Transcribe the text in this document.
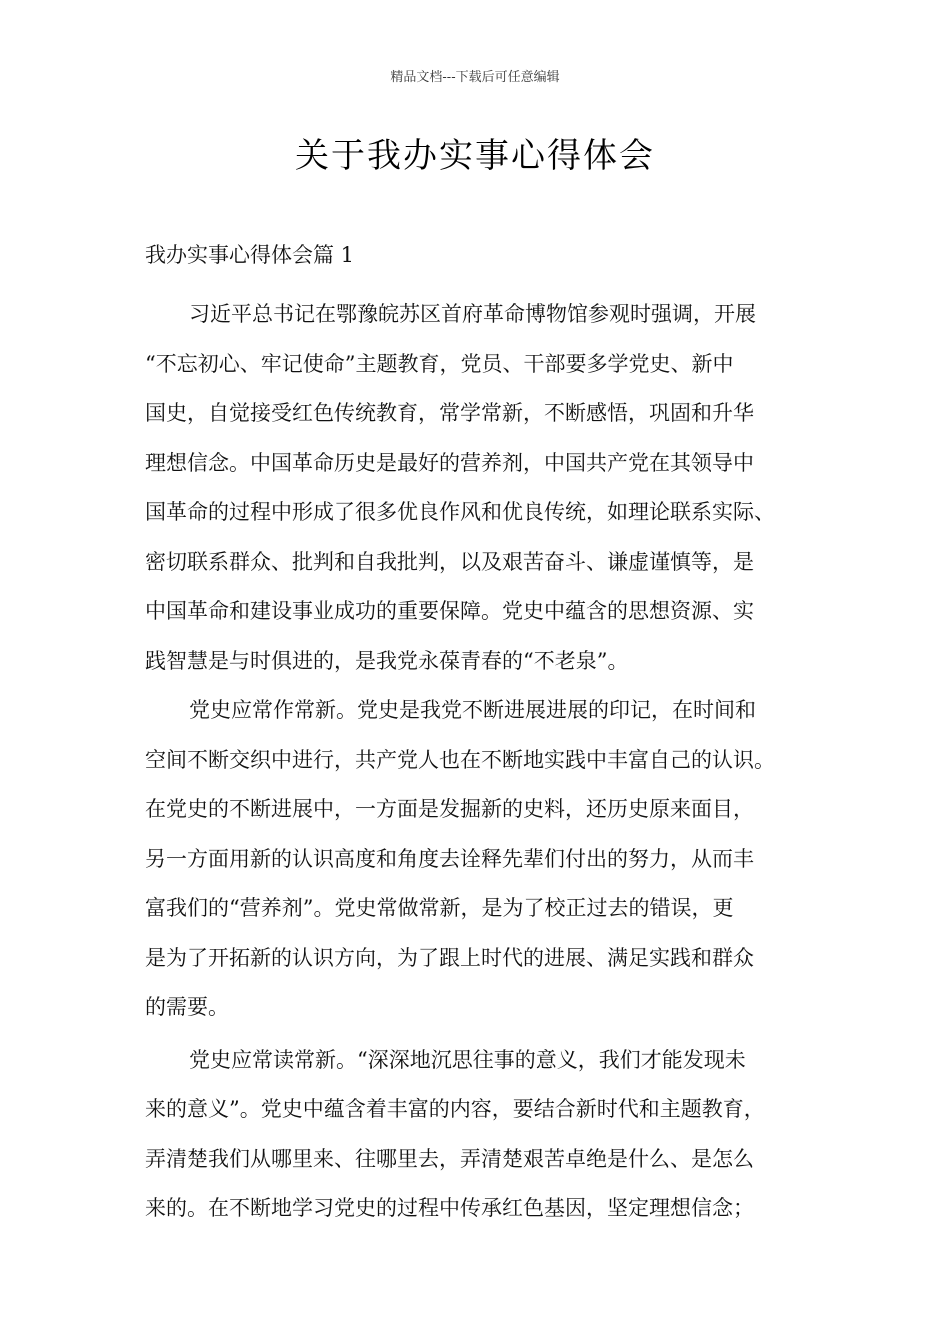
精品文档---下载后可任意编辑
关于我办实事心得体会
我办实事心得体会篇 1
习近平总书记在鄂豫皖苏区首府革命博物馆参观时强调，开展
“不忘初心、牢记使命”主题教育，党员、干部要多学党史、新中
国史，自觉接受红色传统教育，常学常新，不断感悟，巩固和升华
理想信念。中国革命历史是最好的营养剂，中国共产党在其领导中
国革命的过程中形成了很多优良作风和优良传统，如理论联系实际、
密切联系群众、批判和自我批判，以及艰苦奋斗、谦虚谨慎等，是
中国革命和建设事业成功的重要保障。党史中蕴含的思想资源、实
践智慧是与时俱进的，是我党永葆青春的“不老泉”。
党史应常作常新。党史是我党不断进展进展的印记，在时间和
空间不断交织中进行，共产党人也在不断地实践中丰富自己的认识。
在党史的不断进展中，一方面是发掘新的史料，还历史原来面目，
另一方面用新的认识高度和角度去诠释先辈们付出的努力，从而丰
富我们的“营养剂”。党史常做常新，是为了校正过去的错误，更
是为了开拓新的认识方向，为了跟上时代的进展、满足实践和群众
的需要。
党史应常读常新。“深深地沉思往事的意义，我们才能发现未
来的意义”。党史中蕴含着丰富的内容，要结合新时代和主题教育，
弄清楚我们从哪里来、往哪里去，弄清楚艰苦卓绝是什么、是怎么
来的。在不断地学习党史的过程中传承红色基因，坚定理想信念；
